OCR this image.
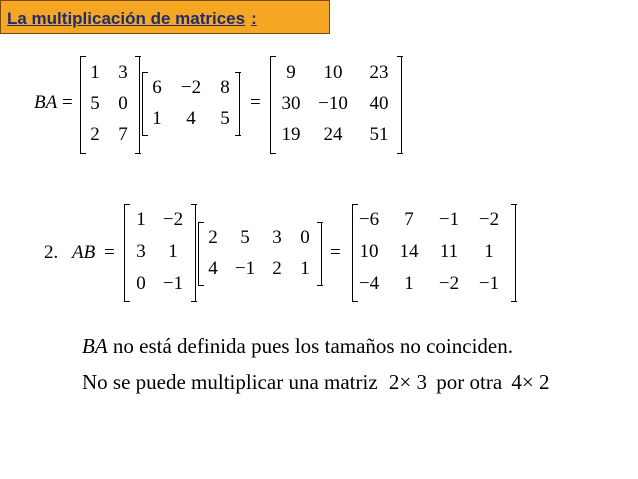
La multiplicación de matrices :
BA =
1 3
5 0
2 7
6	−2	8
1	4	5
=
9	10	23
30 −10	40
19	24	51
2. AB =
1 −2
3	1
0 −1
2	5	3 0
4 −1 2 1
=
−6	7	−1	−2
10	14	11	1
−4	1	−2	−1
BA no está definida pues los tamaños no coinciden.
No se puede multiplicar una matriz 2× 3 por otra 4× 2
